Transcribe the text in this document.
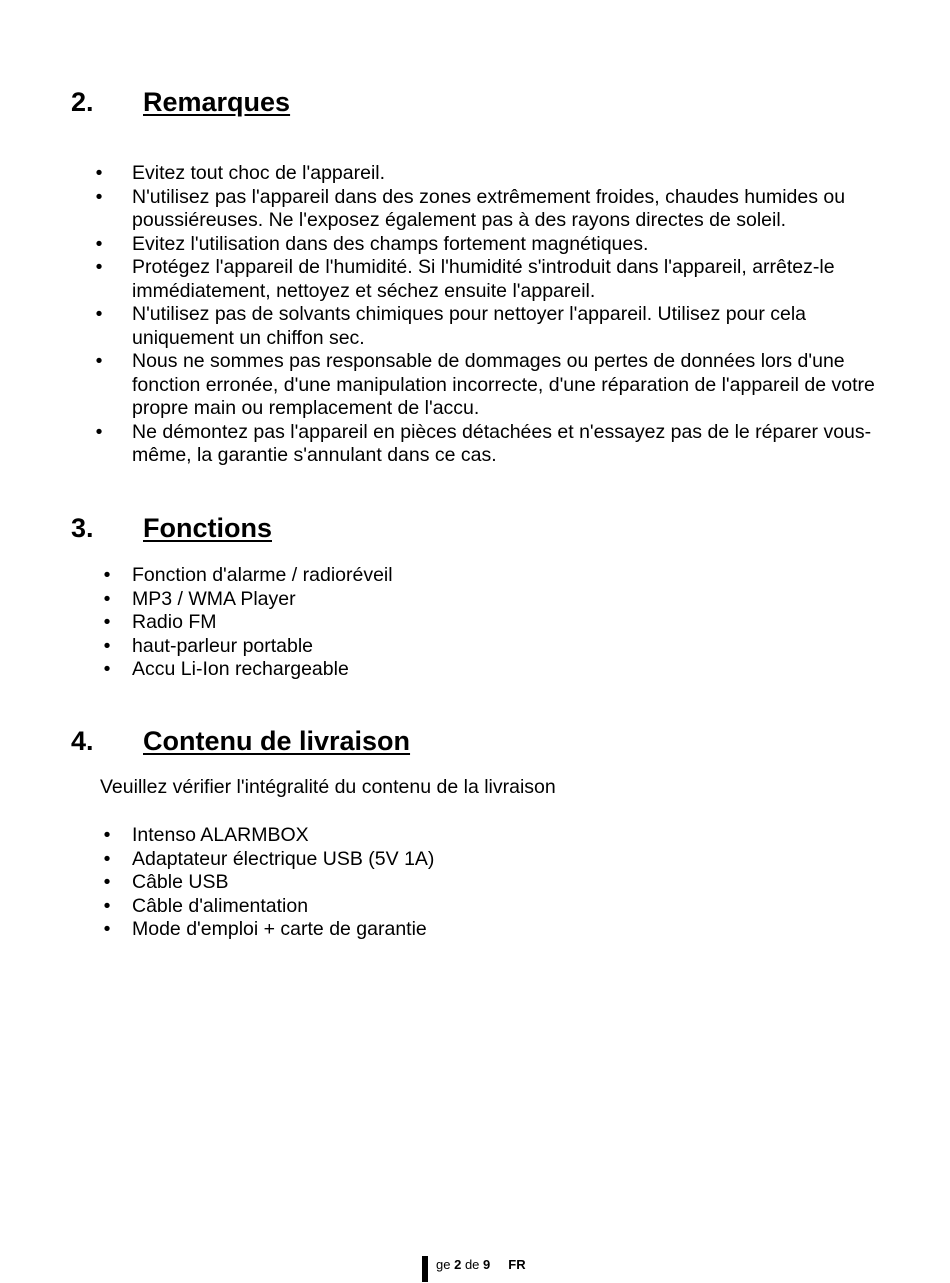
2.	Remarques
• Evitez tout choc de l'appareil.
• N'utilisez pas l'appareil dans des zones extrêmement froides, chaudes humides ou poussiéreuses. Ne l'exposez également pas à des rayons directes de soleil.
• Evitez l'utilisation dans des champs fortement magnétiques.
• Protégez l'appareil de l'humidité. Si l'humidité s'introduit dans l'appareil, arrêtez-le immédiatement, nettoyez et séchez ensuite l'appareil.
• N'utilisez pas de solvants chimiques pour nettoyer l'appareil. Utilisez pour cela uniquement un chiffon sec.
• Nous ne sommes pas responsable de dommages ou pertes de données lors d'une fonction erronée, d'une manipulation incorrecte, d'une réparation de l'appareil de votre propre main ou remplacement de l'accu.
• Ne démontez pas l'appareil en pièces détachées et n'essayez pas de le réparer vous-même, la garantie s'annulant dans ce cas.
3.	Fonctions
• Fonction d'alarme / radioréveil
• MP3 / WMA Player
• Radio FM
• haut-parleur portable
• Accu Li-Ion rechargeable
4.	Contenu de livraison

Veuillez vérifier l'intégralité du contenu de la livraison

• Intenso ALARMBOX
• Adaptateur électrique USB (5V 1A)
• Câble USB
• Câble d'alimentation
• Mode d'emploi + carte de garantie
ge 2 de 9 FR
